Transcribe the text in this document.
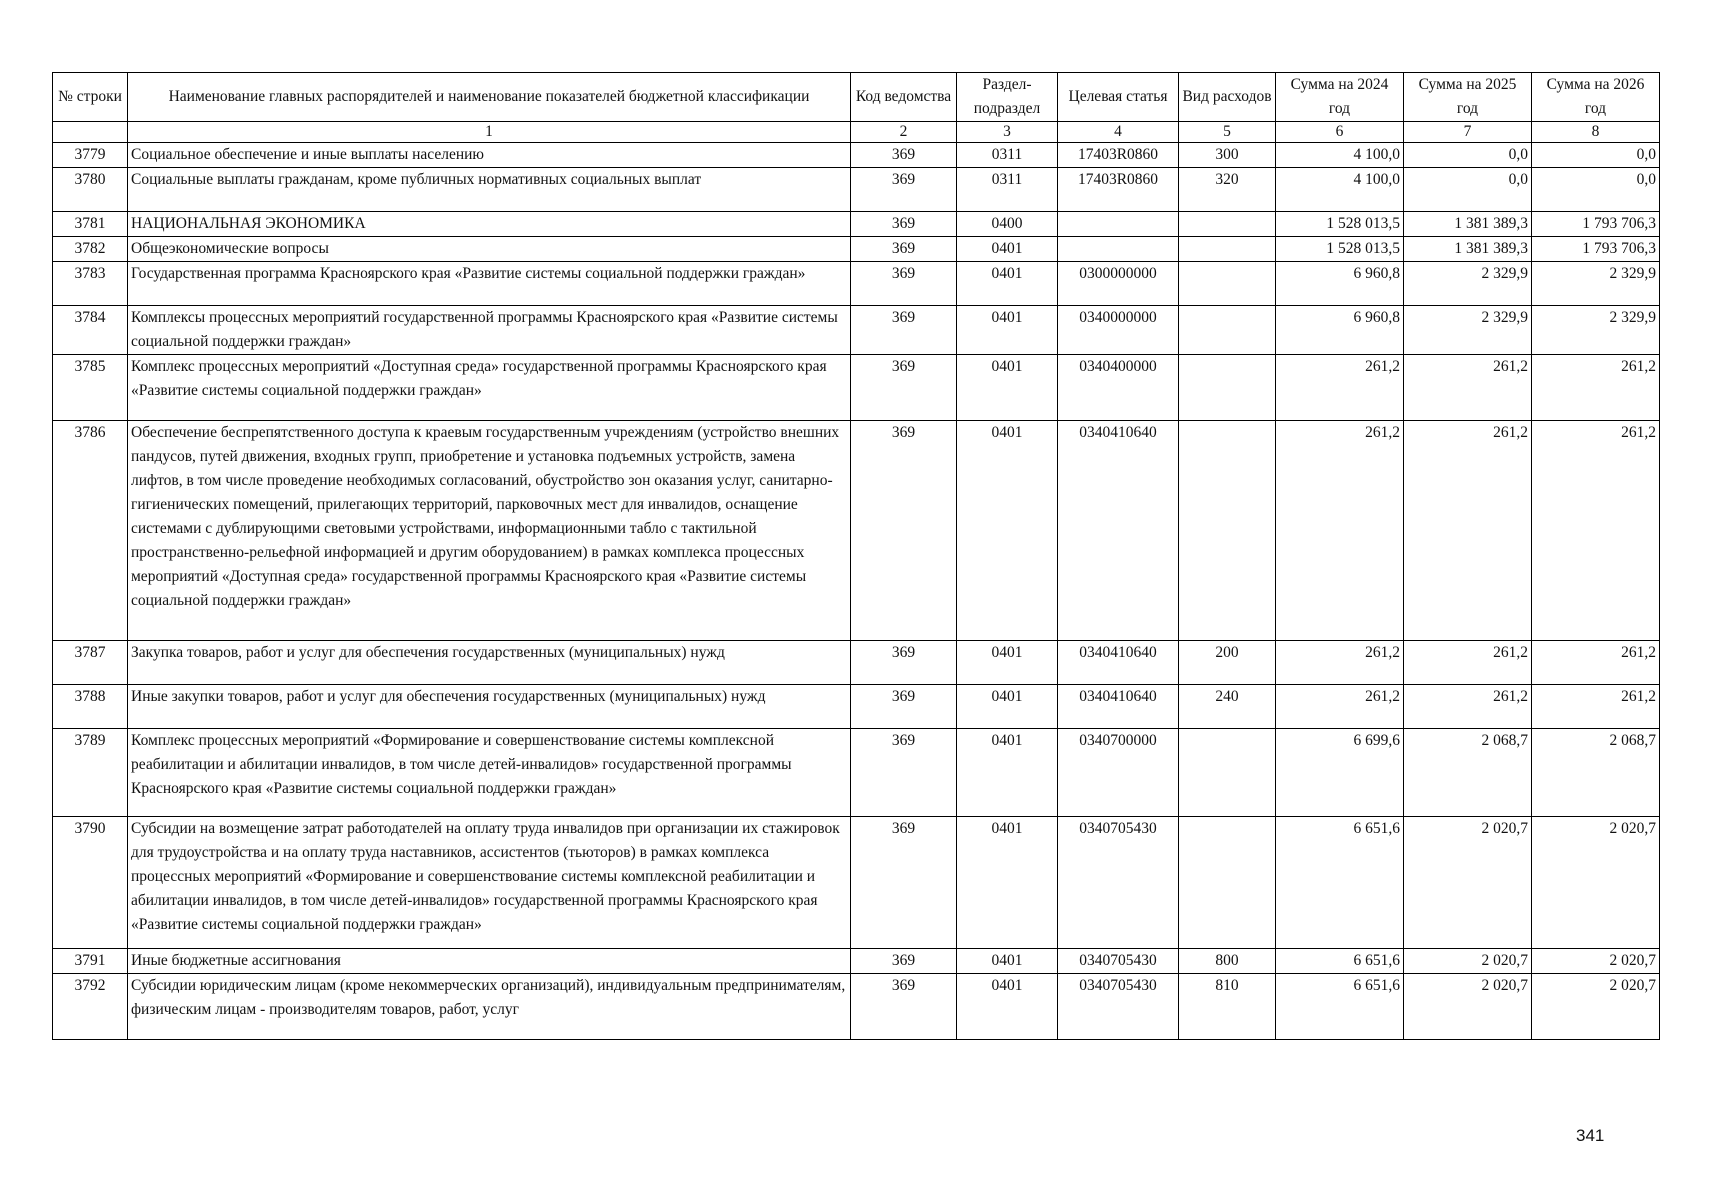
№ строки	Наименование главных распорядителей и наименование показателей бюджетной классификации	Код ведомства	Раздел-подраздел	Целевая статья	Вид расходов	Сумма на 2024 год	Сумма на 2025 год	Сумма на 2026 год
	1	2	3	4	5	6	7	8
3779	Социальное обеспечение и иные выплаты населению	369	0311	17403R0860	300	4 100,0	0,0	0,0
3780	Социальные выплаты гражданам, кроме публичных нормативных социальных выплат	369	0311	17403R0860	320	4 100,0	0,0	0,0
3781	НАЦИОНАЛЬНАЯ ЭКОНОМИКА	369	0400			1 528 013,5	1 381 389,3	1 793 706,3
3782	Общеэкономические вопросы	369	0401			1 528 013,5	1 381 389,3	1 793 706,3
3783	Государственная программа Красноярского края «Развитие системы социальной поддержки граждан»	369	0401	0300000000		6 960,8	2 329,9	2 329,9
3784	Комплексы процессных мероприятий государственной программы Красноярского края «Развитие системы социальной поддержки граждан»	369	0401	0340000000		6 960,8	2 329,9	2 329,9
3785	Комплекс процессных мероприятий «Доступная среда» государственной программы Красноярского края «Развитие системы социальной поддержки граждан»	369	0401	0340400000		261,2	261,2	261,2
3786	Обеспечение беспрепятственного доступа к краевым государственным учреждениям (устройство внешних пандусов, путей движения, входных групп, приобретение и установка подъемных устройств, замена лифтов, в том числе проведение необходимых согласований, обустройство зон оказания услуг, санитарно-гигиенических помещений, прилегающих территорий, парковочных мест для инвалидов, оснащение системами с дублирующими световыми устройствами, информационными табло с тактильной пространственно-рельефной информацией и другим оборудованием) в рамках комплекса процессных мероприятий «Доступная среда» государственной программы Красноярского края «Развитие системы социальной поддержки граждан»	369	0401	0340410640		261,2	261,2	261,2
3787	Закупка товаров, работ и услуг для обеспечения государственных (муниципальных) нужд	369	0401	0340410640	200	261,2	261,2	261,2
3788	Иные закупки товаров, работ и услуг для обеспечения государственных (муниципальных) нужд	369	0401	0340410640	240	261,2	261,2	261,2
3789	Комплекс процессных мероприятий «Формирование и совершенствование системы комплексной реабилитации и абилитации инвалидов, в том числе детей-инвалидов» государственной программы Красноярского края «Развитие системы социальной поддержки граждан»	369	0401	0340700000		6 699,6	2 068,7	2 068,7
3790	Субсидии на возмещение затрат работодателей на оплату труда инвалидов при организации их стажировок для трудоустройства и на оплату труда наставников, ассистентов (тьюторов) в рамках комплекса процессных мероприятий «Формирование и совершенствование системы комплексной реабилитации и абилитации инвалидов, в том числе детей-инвалидов» государственной программы Красноярского края «Развитие системы социальной поддержки граждан»	369	0401	0340705430		6 651,6	2 020,7	2 020,7
3791	Иные бюджетные ассигнования	369	0401	0340705430	800	6 651,6	2 020,7	2 020,7
3792	Субсидии юридическим лицам (кроме некоммерческих организаций), индивидуальным предпринимателям, физическим лицам - производителям товаров, работ, услуг	369	0401	0340705430	810	6 651,6	2 020,7	2 020,7
341
